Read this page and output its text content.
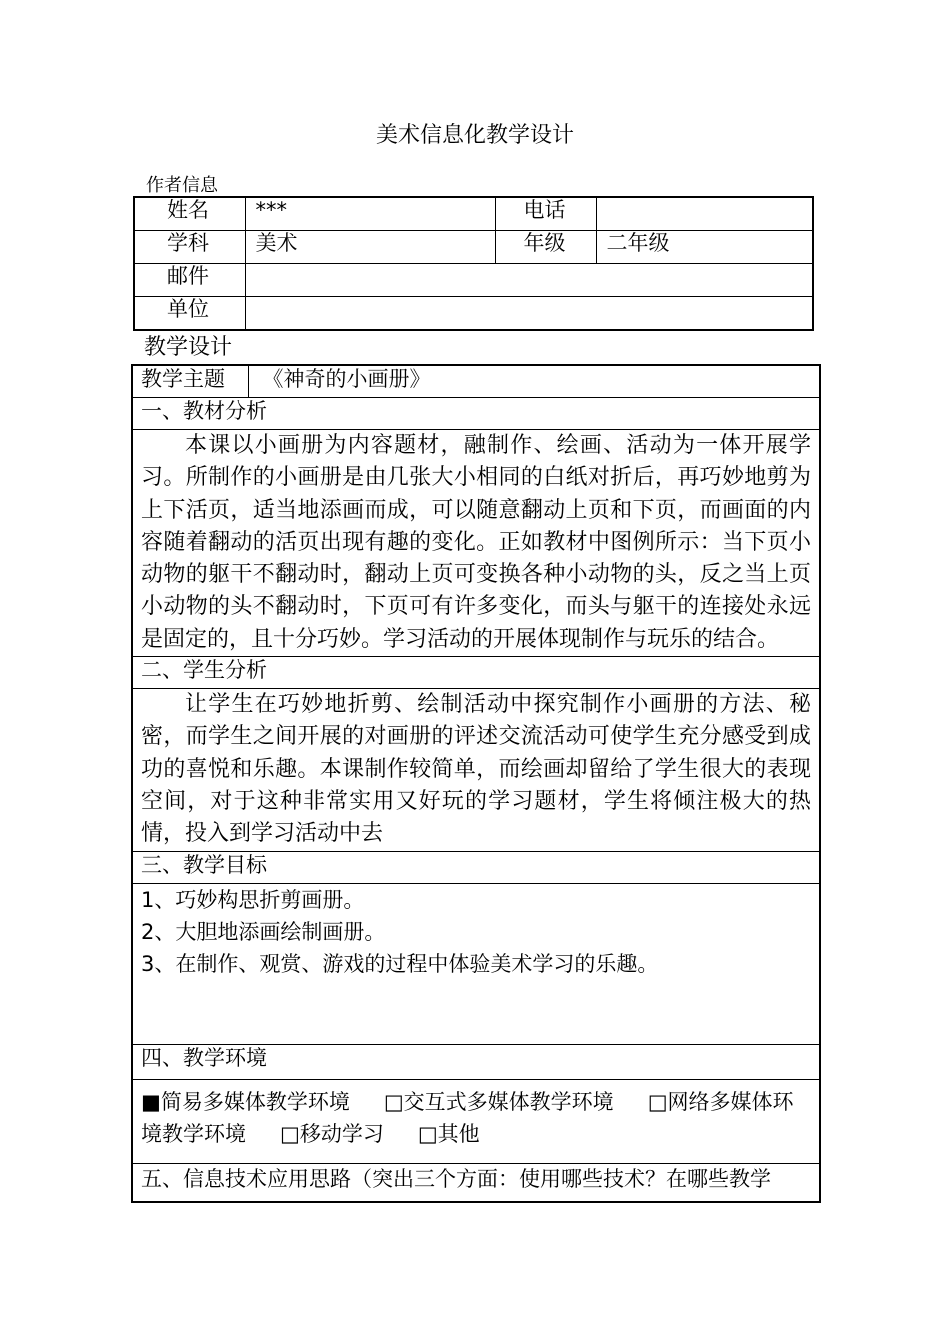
美术信息化教学设计
作者信息
姓名	***	电话	
学科	美术	年级	二年级
邮件			
单位			
教学设计
教学主题	《神奇的小画册》
一、教材分析
本课以小画册为内容题材，融制作、绘画、活动为一体开展学习。所制作的小画册是由几张大小相同的白纸对折后，再巧妙地剪为上下活页，适当地添画而成，可以随意翻动上页和下页，而画面的内容随着翻动的活页出现有趣的变化。正如教材中图例所示：当下页小动物的躯干不翻动时，翻动上页可变换各种小动物的头，反之当上页小动物的头不翻动时，下页可有许多变化，而头与躯干的连接处永远是固定的，且十分巧妙。学习活动的开展体现制作与玩乐的结合。
二、学生分析
让学生在巧妙地折剪、绘制活动中探究制作小画册的方法、秘密，而学生之间开展的对画册的评述交流活动可使学生充分感受到成功的喜悦和乐趣。本课制作较简单，而绘画却留给了学生很大的表现空间，对于这种非常实用又好玩的学习题材，学生将倾注极大的热情，投入到学习活动中去
三、教学目标

1、巧妙构思折剪画册。
2、大胆地添画绘制画册。
3、在制作、观赏、游戏的过程中体验美术学习的乐趣。

四、教学环境
■简易多媒体教学环境 □交互式多媒体教学环境 □网络多媒体环境教学环境 □移动学习 □其他
五、信息技术应用思路（突出三个方面：使用哪些技术？在哪些教学
